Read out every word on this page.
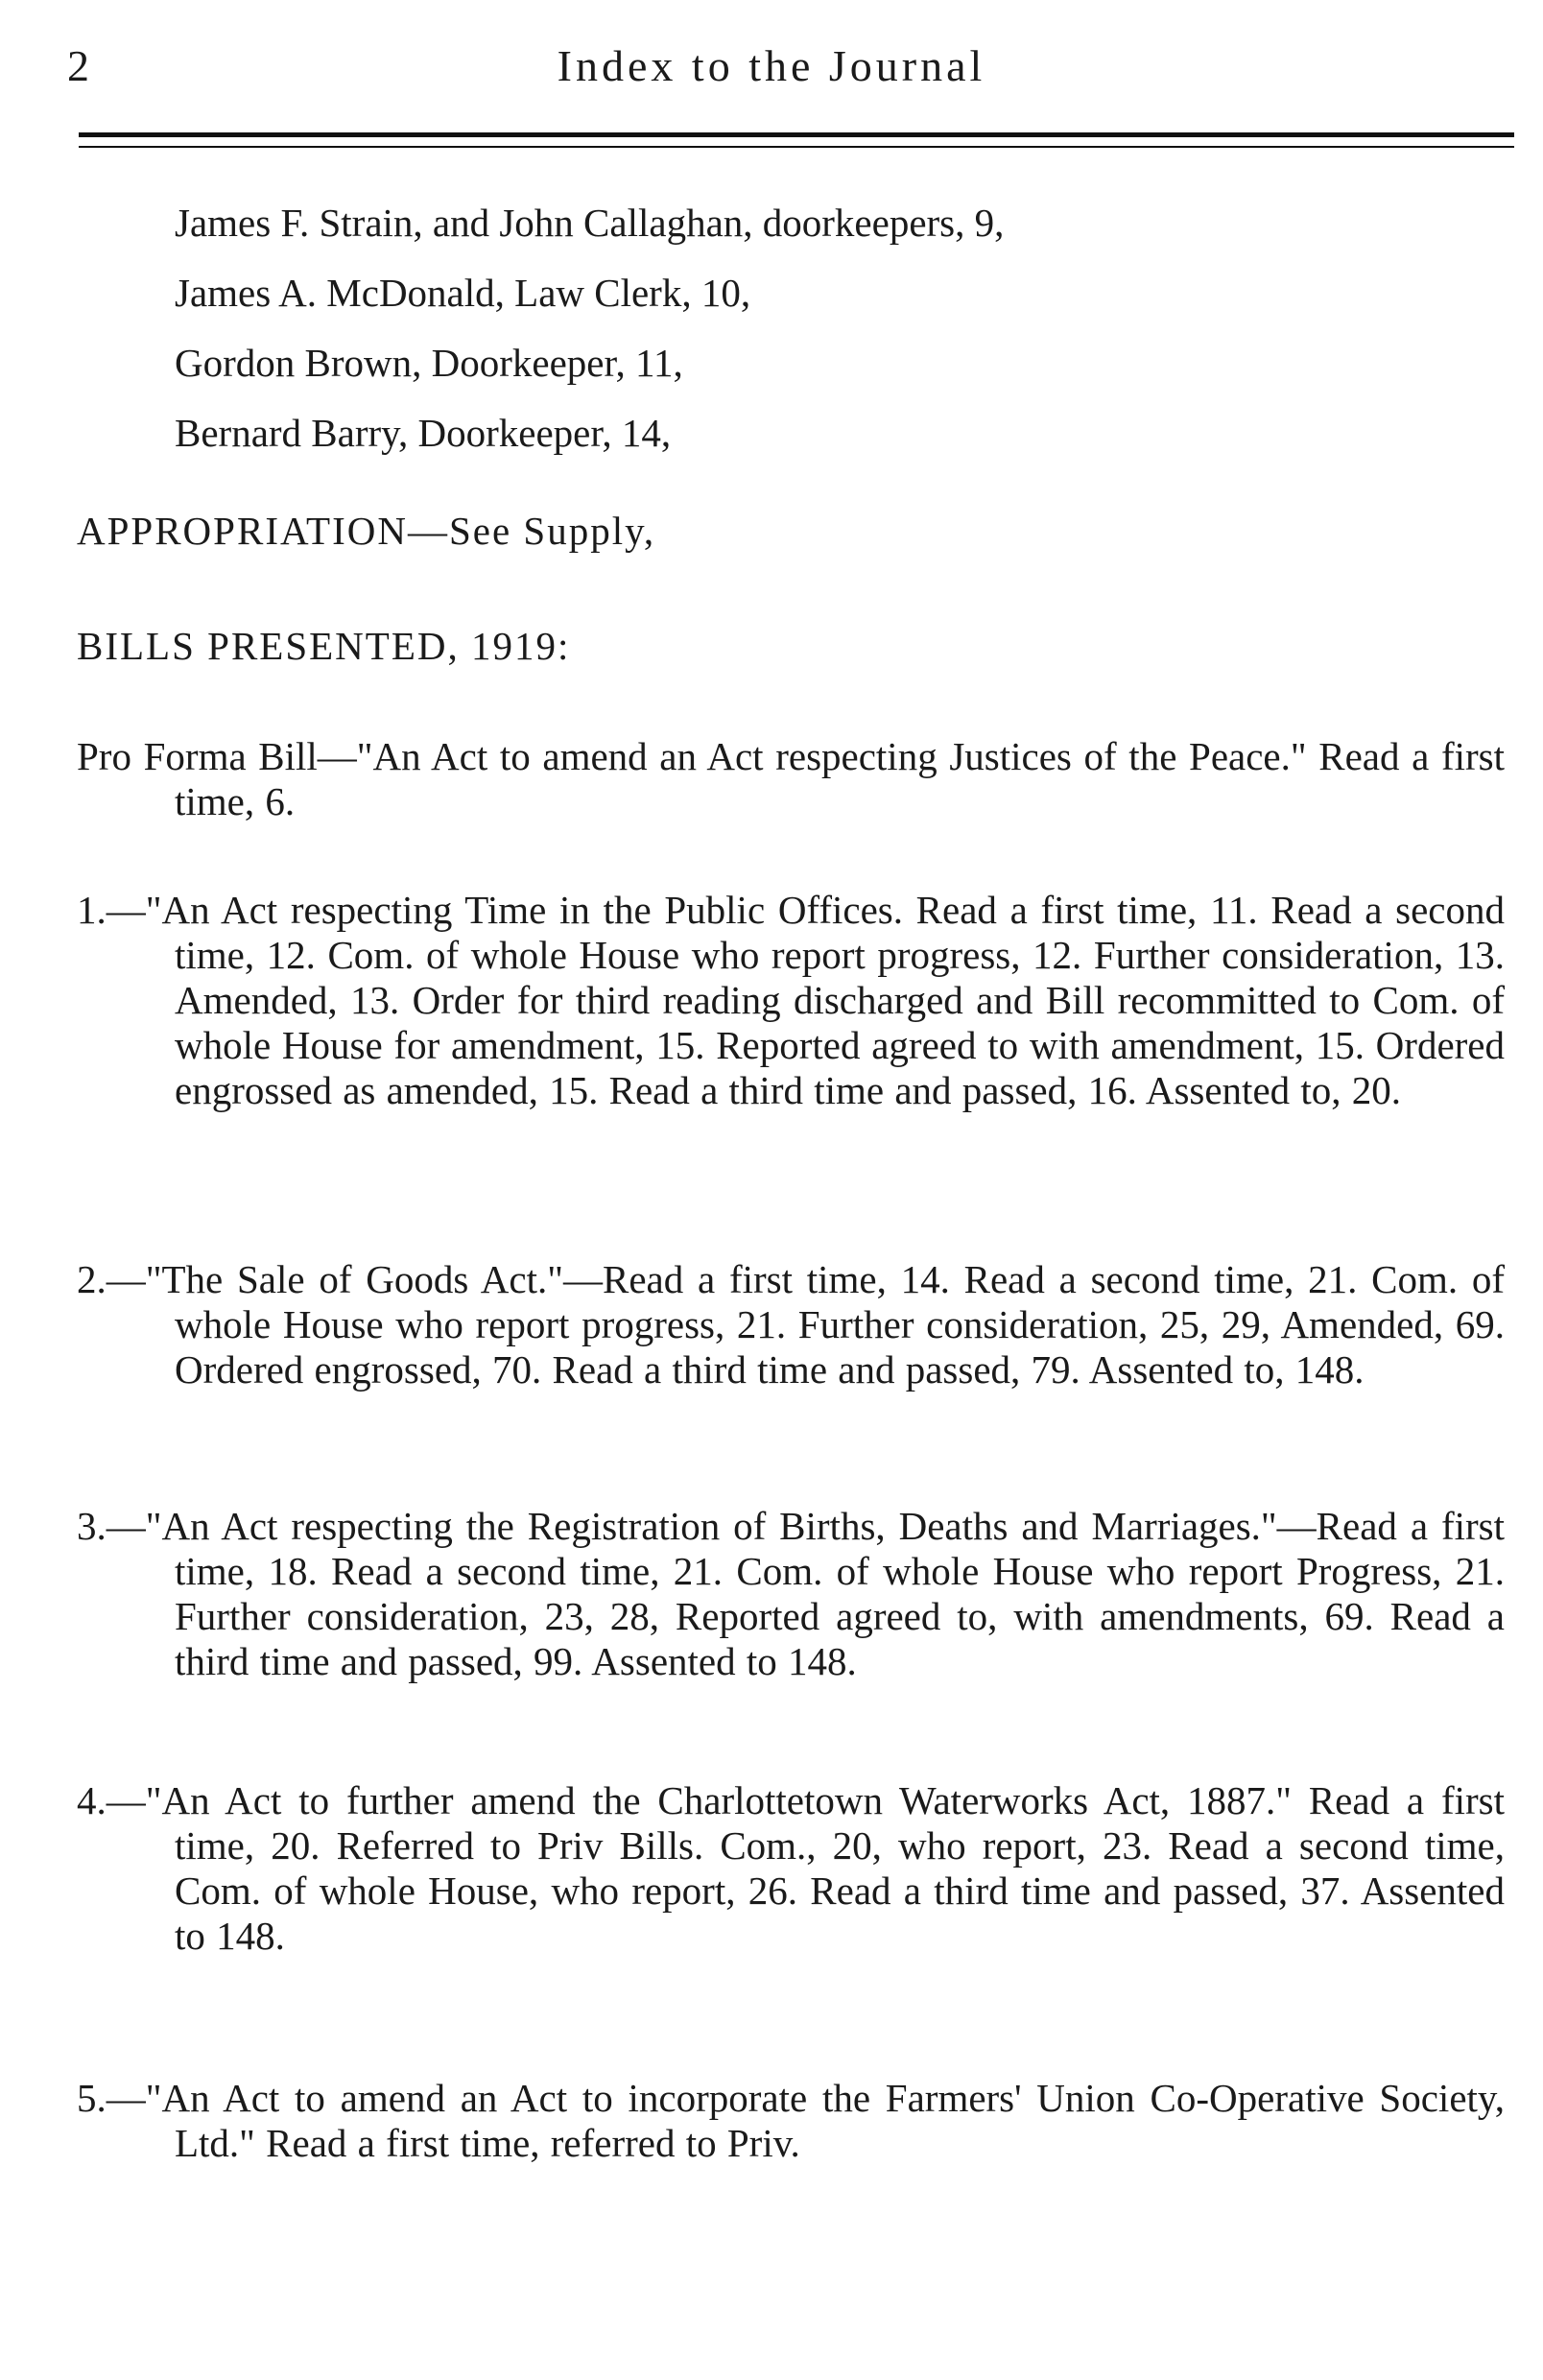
2	Index to the Journal
James F. Strain, and John Callaghan, doorkeepers, 9,
James A. McDonald, Law Clerk, 10,
Gordon Brown, Doorkeeper, 11,
Bernard Barry, Doorkeeper, 14,
APPROPRIATION—See Supply,
BILLS PRESENTED, 1919:
Pro Forma Bill—"An Act to amend an Act respecting Justices of the Peace." Read a first time, 6.
1.—"An Act respecting Time in the Public Offices. Read a first time, 11. Read a second time, 12. Com. of whole House who report progress, 12. Further consideration, 13. Amended, 13. Order for third reading discharged and Bill recommitted to Com. of whole House for amendment, 15. Reported agreed to with amendment, 15. Ordered engrossed as amended, 15. Read a third time and passed, 16. Assented to, 20.
2.—"The Sale of Goods Act."—Read a first time, 14. Read a second time, 21. Com. of whole House who report progress, 21. Further consideration, 25, 29, Amended, 69. Ordered engrossed, 70. Read a third time and passed, 79. Assented to, 148.
3.—"An Act respecting the Registration of Births, Deaths and Marriages."—Read a first time, 18. Read a second time, 21. Com. of whole House who report Progress, 21. Further consideration, 23, 28, Reported agreed to, with amendments, 69. Read a third time and passed, 99. Assented to 148.
4.—"An Act to further amend the Charlottetown Waterworks Act, 1887." Read a first time, 20. Referred to Priv Bills. Com., 20, who report, 23. Read a second time, Com. of whole House, who report, 26. Read a third time and passed, 37. Assented to 148.
5.—"An Act to amend an Act to incorporate the Farmers' Union Co-Operative Society, Ltd." Read a first time, referred to Priv.
